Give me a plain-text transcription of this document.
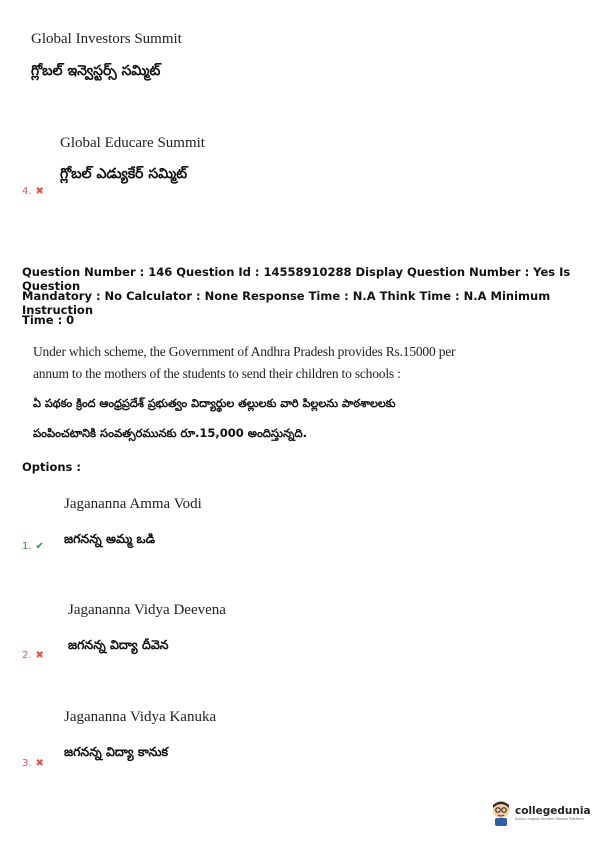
Global Investors Summit
గ్లోబల్ ఇన్వెస్టర్స్ సమ్మిట్
Global Educare Summit
గ్లోబల్ ఎడ్యుకేర్ సమ్మిట్
4. ✖
Question Number : 146 Question Id : 14558910288 Display Question Number : Yes Is Question
Mandatory : No Calculator : None Response Time : N.A Think Time : N.A Minimum Instruction
Time : 0
Under which scheme, the Government of Andhra Pradesh provides Rs.15000 per
annum to the mothers of the students to send their children to schools :
ఏ పథకం క్రింద ఆంధ్రప్రదేశ్ ప్రభుత్వం విద్యార్థుల తల్లులకు వారి పిల్లలను పాఠశాలలకు
పంపించటానికి సంవత్సరమునకు రూ.15,000 అందిస్తున్నది.
Options :
Jagananna Amma Vodi
జగనన్న అమ్మ ఒడి
1. ✔
Jagananna Vidya Deevena
జగనన్న విద్యా దీవెన
2. ✖
Jagananna Vidya Kanuka
జగనన్న విద్యా కానుక
3. ✖
collegedunia
India's largest Student Review Platform
